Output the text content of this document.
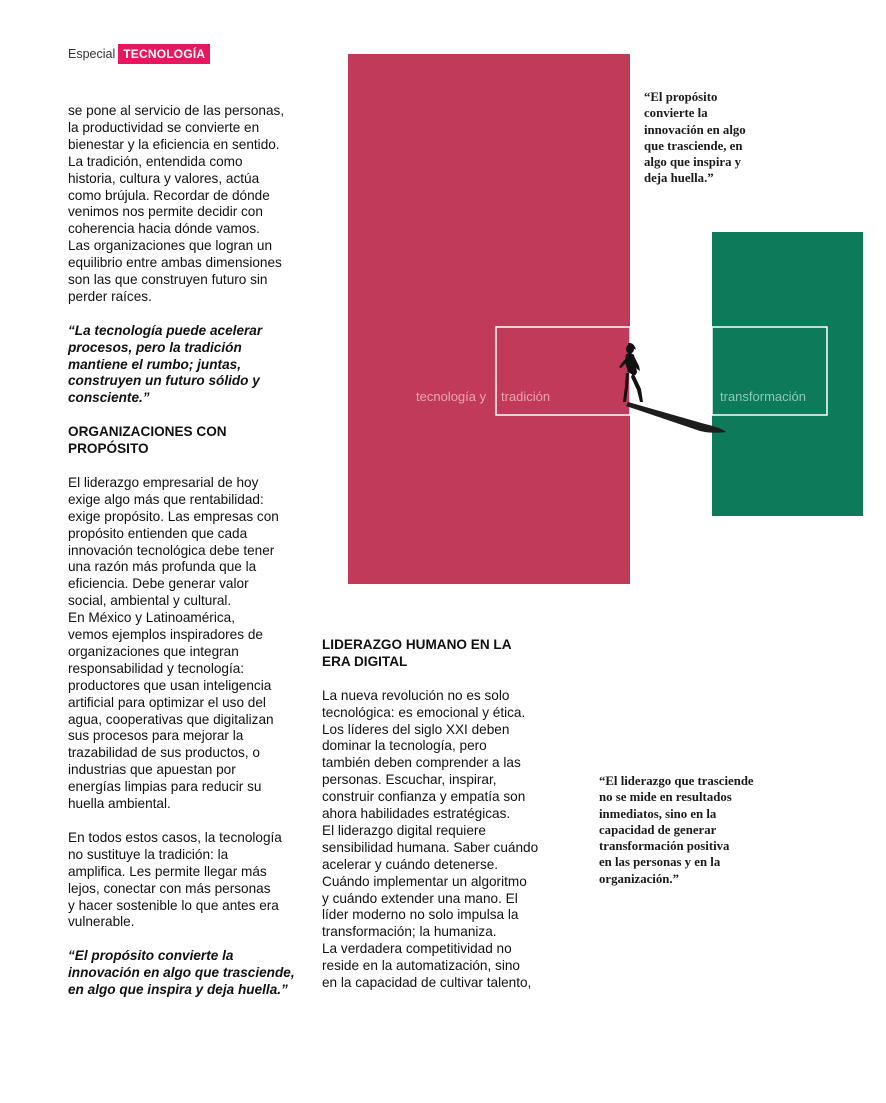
Especial TECNOLOGÍA

se pone al servicio de las personas,

la productividad se convierte en

bienestar y la eficiencia en sentido.

La tradición, entendida como

historia, cultura y valores, actúa

como brújula. Recordar de dónde

venimos nos permite decidir con

coherencia hacia dónde vamos.

Las organizaciones que logran un

equilibrio entre ambas dimensiones

son las que construyen futuro sin

perder raíces.

“La tecnología puede acelerar

procesos, pero la tradición

mantiene el rumbo; juntas,

construyen un futuro sólido y

consciente.”

ORGANIZACIONES CON
PROPÓSITO

El liderazgo empresarial de hoy

exige algo más que rentabilidad:

exige propósito. Las empresas con

propósito entienden que cada

innovación tecnológica debe tener

una razón más profunda que la

eficiencia. Debe generar valor

social, ambiental y cultural.

En México y Latinoamérica,

vemos ejemplos inspiradores de

organizaciones que integran

responsabilidad y tecnología:

productores que usan inteligencia

artificial para optimizar el uso del

agua, cooperativas que digitalizan

sus procesos para mejorar la

trazabilidad de sus productos, o

industrias que apuestan por

energías limpias para reducir su

huella ambiental.

En todos estos casos, la tecnología

no sustituye la tradición: la

amplifica. Les permite llegar más

lejos, conectar con más personas

y hacer sostenible lo que antes era

vulnerable.

“El propósito convierte la

innovación en algo que trasciende,

en algo que inspira y deja huella.”

LIDERAZGO HUMANO EN LA
ERA DIGITAL

La nueva revolución no es solo

tecnológica: es emocional y ética.

Los líderes del siglo XXI deben

dominar la tecnología, pero

también deben comprender a las

personas. Escuchar, inspirar,

construir confianza y empatía son

ahora habilidades estratégicas.

El liderazgo digital requiere

sensibilidad humana. Saber cuándo

acelerar y cuándo detenerse.

Cuándo implementar un algoritmo

y cuándo extender una mano. El

líder moderno no solo impulsa la

transformación; la humaniza.

La verdadera competitividad no

reside en la automatización, sino

en la capacidad de cultivar talento,

“El propósito
convierte la
innovación en algo
que trasciende, en
algo que inspira y
deja huella.”
“El liderazgo que trasciende
no se mide en resultados
inmediatos, sino en la
capacidad de generar
transformación positiva
en las personas y en la
organización.”
tecnología y tradición	transformación
